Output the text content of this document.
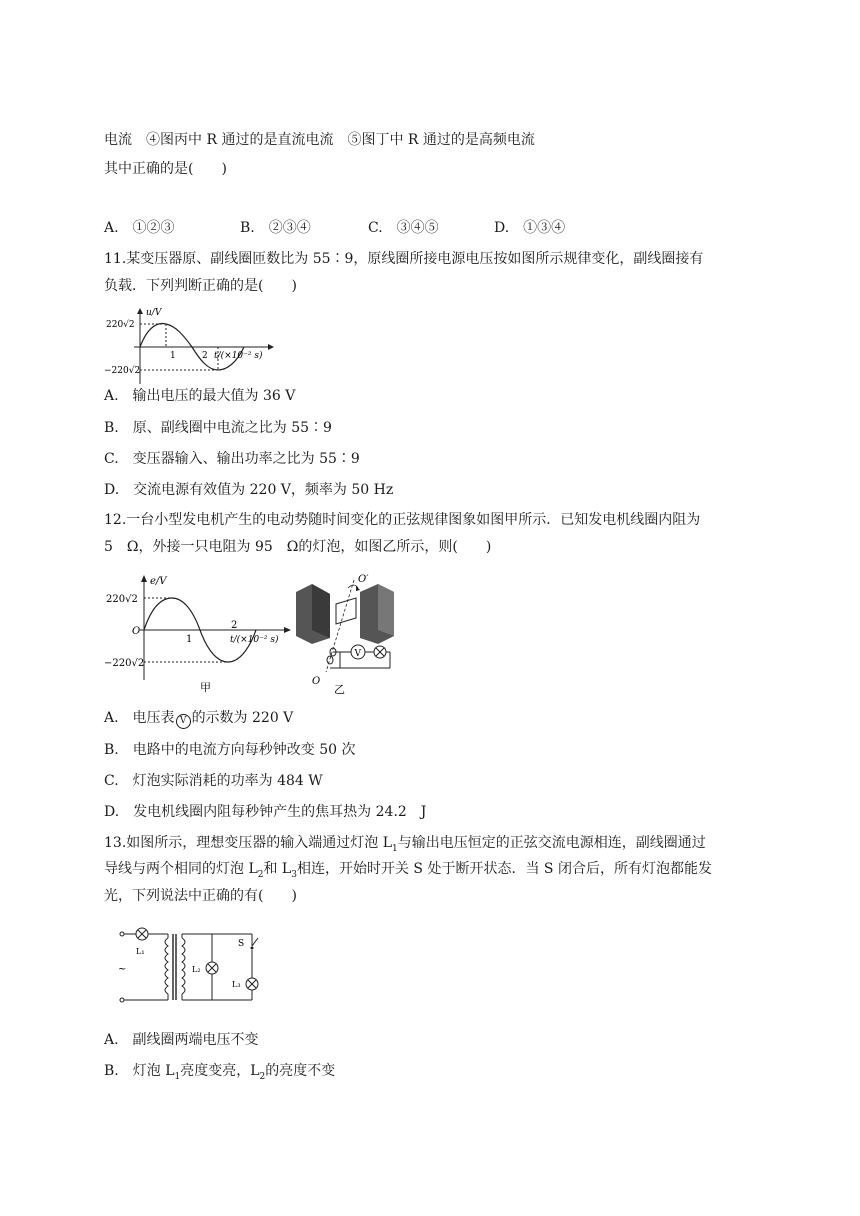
电流　④图丙中 R 通过的是直流电流　⑤图丁中 R 通过的是高频电流
其中正确的是(　　)
A.　①②③	B.　②③④	C.　③④⑤	D.　①③④
11.某变压器原、副线圈匝数比为 55∶9，原线圈所接电源电压按如图所示规律变化，副线圈接有
负载．下列判断正确的是(　　)
u/V
220√2
−220√2
1	2 t/(×10⁻² s)
A.　输出电压的最大值为 36 V
B.　原、副线圈中电流之比为 55∶9
C.　变压器输入、输出功率之比为 55∶9
D.　交流电源有效值为 220 V，频率为 50 Hz
12.一台小型发电机产生的电动势随时间变化的正弦规律图象如图甲所示．已知发电机线圈内阻为
5　Ω，外接一只电阻为 95　Ω的灯泡，如图乙所示，则(　　)
e/V
220√2
−220√2
O
1
2
t/(×10⁻² s)
甲
O′
O
V
乙
A.　电压表 V 的示数为 220 V
B.　电路中的电流方向每秒钟改变 50 次
C.　灯泡实际消耗的功率为 484 W
D.　发电机线圈内阻每秒钟产生的焦耳热为 24.2　J
13.如图所示，理想变压器的输入端通过灯泡 $L_1$与输出电压恒定的正弦交流电源相连，副线圈通过
导线与两个相同的灯泡 $L_2$和 $L_3$相连，开始时开关 S 处于断开状态．当 S 闭合后，所有灯泡都能发
光，下列说法中正确的有(　　)
L₁
~	L₂
S
L₃
A.　副线圈两端电压不变
B.　灯泡 $L_1$亮度变亮，$L_2$的亮度不变
